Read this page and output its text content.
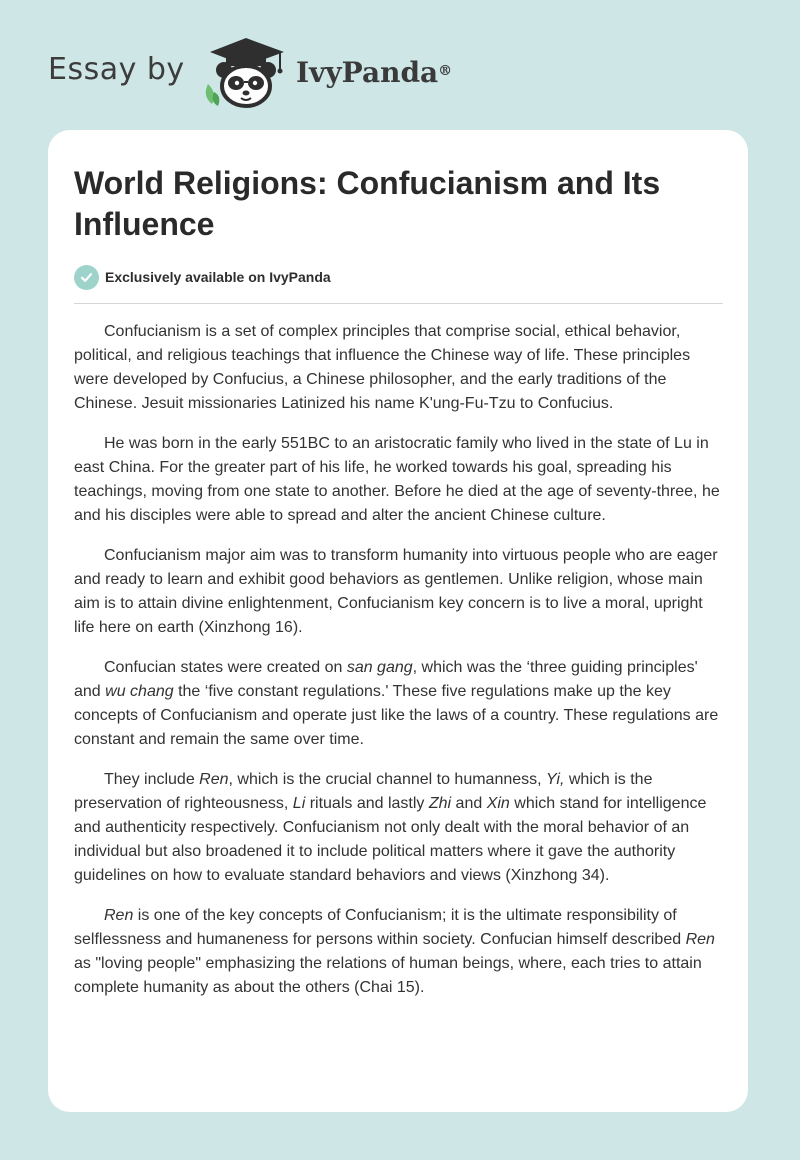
Essay by	IvyPanda®
World Religions: Confucianism and Its Influence
Exclusively available on IvyPanda

Confucianism is a set of complex principles that comprise social, ethical behavior, political, and religious teachings that influence the Chinese way of life. These principles were developed by Confucius, a Chinese philosopher, and the early traditions of the Chinese. Jesuit missionaries Latinized his name K'ung-Fu-Tzu to Confucius.

He was born in the early 551BC to an aristocratic family who lived in the state of Lu in east China. For the greater part of his life, he worked towards his goal, spreading his teachings, moving from one state to another. Before he died at the age of seventy-three, he and his disciples were able to spread and alter the ancient Chinese culture.

Confucianism major aim was to transform humanity into virtuous people who are eager and ready to learn and exhibit good behaviors as gentlemen. Unlike religion, whose main aim is to attain divine enlightenment, Confucianism key concern is to live a moral, upright life here on earth (Xinzhong 16).

Confucian states were created on san gang, which was the ‘three guiding principles' and wu chang the ‘five constant regulations.' These five regulations make up the key concepts of Confucianism and operate just like the laws of a country. These regulations are constant and remain the same over time.

They include Ren, which is the crucial channel to humanness, Yi, which is the preservation of righteousness, Li rituals and lastly Zhi and Xin which stand for intelligence and authenticity respectively. Confucianism not only dealt with the moral behavior of an individual but also broadened it to include political matters where it gave the authority guidelines on how to evaluate standard behaviors and views (Xinzhong 34).

Ren is one of the key concepts of Confucianism; it is the ultimate responsibility of selflessness and humaneness for persons within society. Confucian himself described Ren as "loving people" emphasizing the relations of human beings, where, each tries to attain complete humanity as about the others (Chai 15).
